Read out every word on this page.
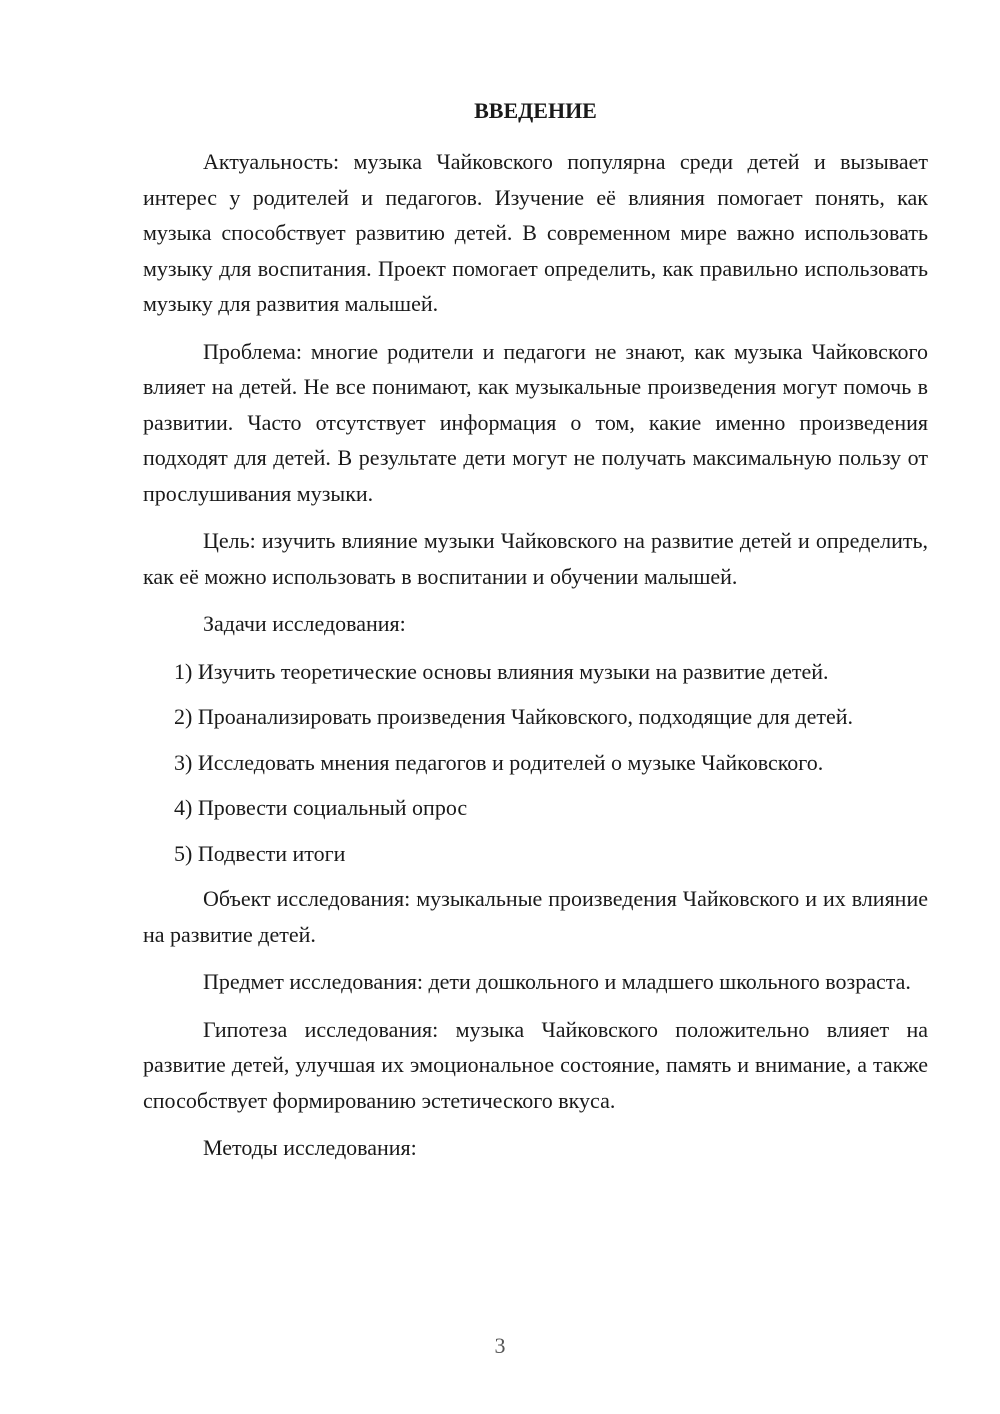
ВВЕДЕНИЕ

Актуальность: музыка Чайковского популярна среди детей и вызывает интерес у родителей и педагогов. Изучение её влияния помогает понять, как музыка способствует развитию детей. В современном мире важно использовать музыку для воспитания. Проект помогает определить, как правильно использовать музыку для развития малышей.

Проблема: многие родители и педагоги не знают, как музыка Чайковского влияет на детей. Не все понимают, как музыкальные произведения могут помочь в развитии. Часто отсутствует информация о том, какие именно произведения подходят для детей. В результате дети могут не получать максимальную пользу от прослушивания музыки.

Цель: изучить влияние музыки Чайковского на развитие детей и определить, как её можно использовать в воспитании и обучении малышей.

Задачи исследования:

1) Изучить теоретические основы влияния музыки на развитие детей.

2) Проанализировать произведения Чайковского, подходящие для детей.

3) Исследовать мнения педагогов и родителей о музыке Чайковского.

4) Провести социальный опрос

5) Подвести итоги

Объект исследования: музыкальные произведения Чайковского и их влияние на развитие детей.

Предмет исследования: дети дошкольного и младшего школьного возраста.

Гипотеза исследования: музыка Чайковского положительно влияет на развитие детей, улучшая их эмоциональное состояние, память и внимание, а также способствует формированию эстетического вкуса.

Методы исследования:

3
